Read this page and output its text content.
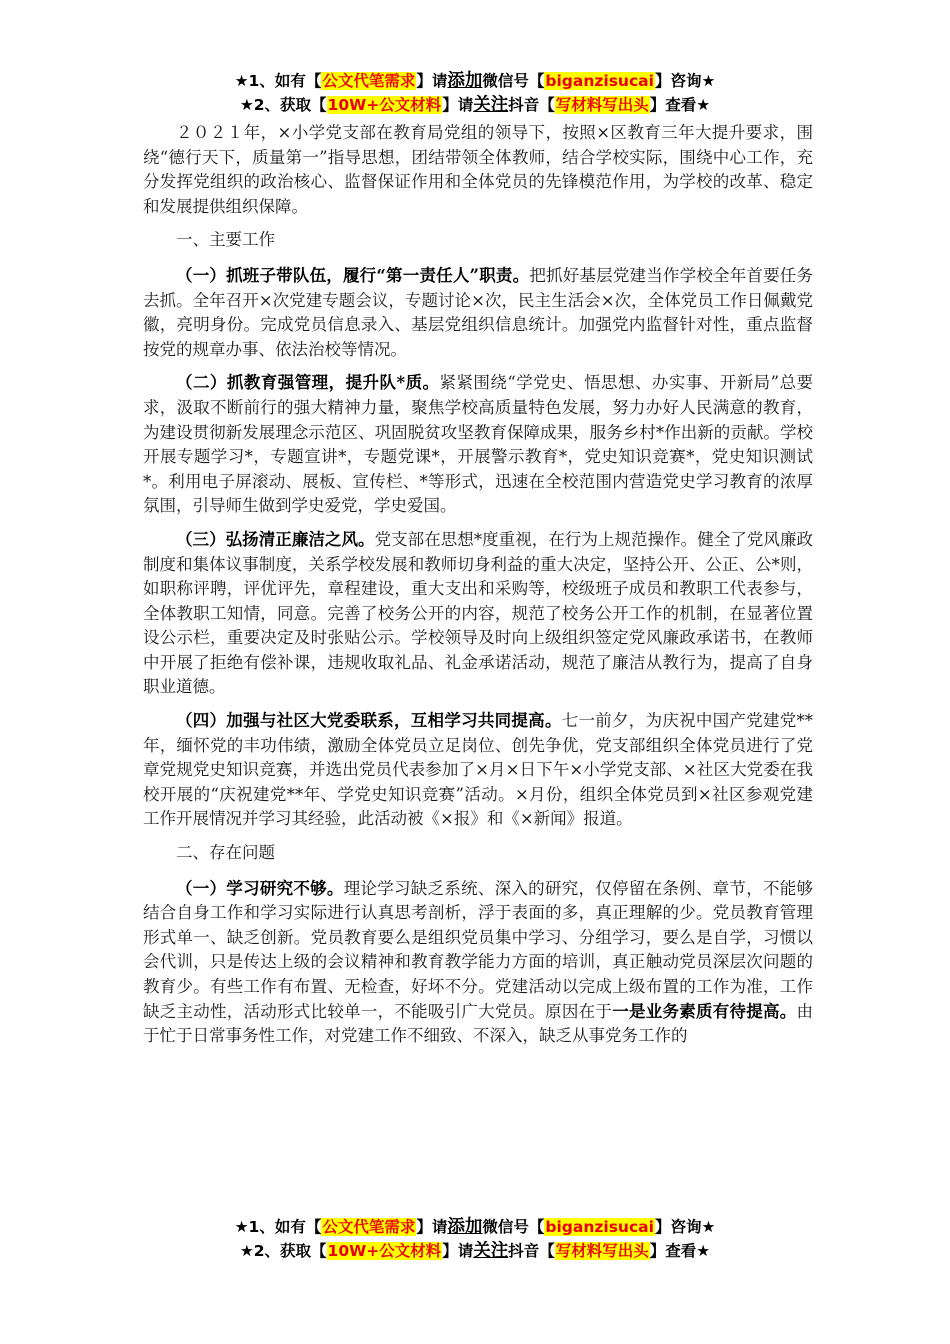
★1、如有【公文代笔需求】请添加微信号【biganzisucai】咨询★
★2、获取【10W+公文材料】请关注抖音【写材料写出头】查看★

２０２１年，×小学党支部在教育局党组的领导下，按照×区教育三年大提升要求，围绕“德行天下，质量第一”指导思想，团结带领全体教师，结合学校实际，围绕中心工作，充分发挥党组织的政治核心、监督保证作用和全体党员的先锋模范作用，为学校的改革、稳定和发展提供组织保障。

一、主要工作

（一）抓班子带队伍，履行“第一责任人”职责。把抓好基层党建当作学校全年首要任务去抓。全年召开×次党建专题会议，专题讨论×次，民主生活会×次，全体党员工作日佩戴党徽，亮明身份。完成党员信息录入、基层党组织信息统计。加强党内监督针对性，重点监督按党的规章办事、依法治校等情况。

（二）抓教育强管理，提升队*质。紧紧围绕“学党史、悟思想、办实事、开新局”总要求，汲取不断前行的强大精神力量，聚焦学校高质量特色发展，努力办好人民满意的教育，为建设贯彻新发展理念示范区、巩固脱贫攻坚教育保障成果，服务乡村*作出新的贡献。学校开展专题学习*，专题宣讲*，专题党课*，开展警示教育*，党史知识竞赛*，党史知识测试*。利用电子屏滚动、展板、宣传栏、*等形式，迅速在全校范围内营造党史学习教育的浓厚氛围，引导师生做到学史爱党，学史爱国。

（三）弘扬清正廉洁之风。党支部在思想*度重视，在行为上规范操作。健全了党风廉政制度和集体议事制度，关系学校发展和教师切身利益的重大决定，坚持公开、公正、公*则，如职称评聘，评优评先，章程建设，重大支出和采购等，校级班子成员和教职工代表参与，全体教职工知情，同意。完善了校务公开的内容，规范了校务公开工作的机制，在显著位置设公示栏，重要决定及时张贴公示。学校领导及时向上级组织签定党风廉政承诺书，在教师中开展了拒绝有偿补课，违规收取礼品、礼金承诺活动，规范了廉洁从教行为，提高了自身职业道德。

（四）加强与社区大党委联系，互相学习共同提高。七一前夕，为庆祝中国产党建党**年，缅怀党的丰功伟绩，激励全体党员立足岗位、创先争优，党支部组织全体党员进行了党章党规党史知识竞赛，并选出党员代表参加了×月×日下午×小学党支部、×社区大党委在我校开展的“庆祝建党**年、学党史知识竞赛”活动。×月份，组织全体党员到×社区参观党建工作开展情况并学习其经验，此活动被《×报》和《×新闻》报道。

二、存在问题

（一）学习研究不够。理论学习缺乏系统、深入的研究，仅停留在条例、章节，不能够结合自身工作和学习实际进行认真思考剖析，浮于表面的多，真正理解的少。党员教育管理形式单一、缺乏创新。党员教育要么是组织党员集中学习、分组学习，要么是自学，习惯以会代训，只是传达上级的会议精神和教育教学能力方面的培训，真正触动党员深层次问题的教育少。有些工作有布置、无检查，好坏不分。党建活动以完成上级布置的工作为准，工作缺乏主动性，活动形式比较单一，不能吸引广大党员。原因在于一是业务素质有待提高。由于忙于日常事务性工作，对党建工作不细致、不深入，缺乏从事党务工作的

★1、如有【公文代笔需求】请添加微信号【biganzisucai】咨询★
★2、获取【10W+公文材料】请关注抖音【写材料写出头】查看★
